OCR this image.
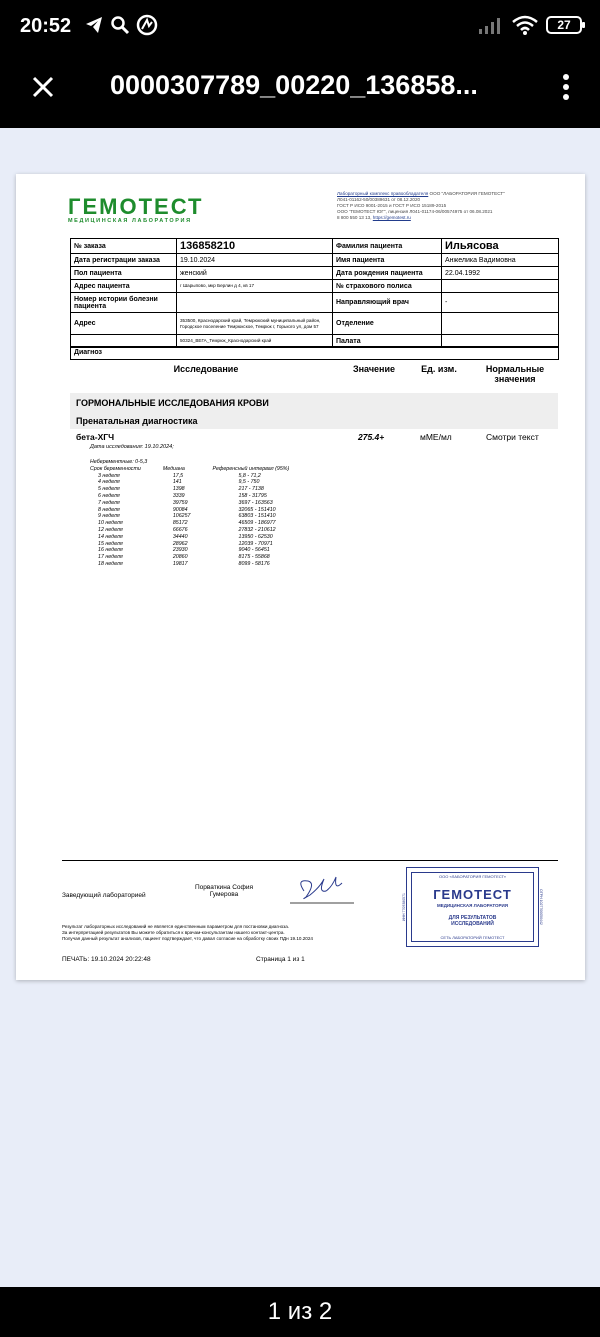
20:52	27
0000307789_00220_136858...
ГЕМОТЕСТ
МЕДИЦИНСКАЯ ЛАБОРАТОРИЯ
Лабораторный комплекс правообладателя ООО "ЛАБОРАТОРИЯ ГЕМОТЕСТ"
Л041-01162-50/00389631 от 08.12.2020
ГОСТ Р ИСО 9001-2015 и ГОСТ Р ИСО 15189-2015
ООО "ГЕМОТЕСТ ЮГ", лицензия Л041-01174-06/00574975 от 06.08.2021
8 800 550 13 13, https://gemotest.ru
№ заказа	136858210	Фамилия пациента	Ильясова
Дата регистрации заказа	19.10.2024	Имя пациента	Анжелика Вадимовна
Пол пациента	женский	Дата рождения пациента	22.04.1992
Адрес пациента	г Шарыпово, мкр Берлин д 4, кв 17	№ страхового полиса	
Номер истории болезни пациента		Направляющий врач	-
Адрес	353500, Краснодарский край, Темрюкский муниципальный район, Городское поселение Темрюкское, Темрюк г, Горького ул, дом 57	Отделение	
	50324_ВЕГА_Темрюк_Краснодарский край	Палата	
Диагноз
Исследование	Значение	Ед. изм.	Нормальные значения
ГОРМОНАЛЬНЫЕ ИССЛЕДОВАНИЯ КРОВИ
Пренатальная диагностика
бета-ХГЧ	275.4+	мМЕ/мл	Смотри текст
Дата исследования: 19.10.2024;
Неберементные: 0-5,3		
Срок беременности	Медиана	Референсный интервал (95%)
3 неделя	17,5	5,8 - 71,2
4 неделя	141	9,5 - 750
5 неделя	1398	217 - 7138
6 неделя	3339	158 - 31795
7 неделя	39759	3697 - 163563
8 неделя	90084	32065 - 151410
9 неделя	106257	63803 - 151410
10 неделя	85172	46509 - 186977
12 неделя	66676	27832 - 210612
14 неделя	34440	13950 - 62530
15 неделя	28962	12039 - 70971
16 неделя	23930	9040 - 56451
17 неделя	20860	8175 - 55868
18 неделя	19817	8099 - 58176
Заведующий лабораторией
Порваткина София Гумерова
Результат лабораторных исследований не является единственным параметром для постановки диагноза.
За интерпретацией результатов Вы можете обратиться к врачам-консультантам нашего контакт-центра.
Получая данный результат анализов, пациент подтверждает, что давал согласие на обработку своих ПДн 19.10.2024
ПЕЧАТЬ: 19.10.2024 20:22:48	Страница 1 из 1
ООО «ЛАБОРАТОРИЯ ГЕМОТЕСТ»
ГЕМОТЕСТ
МЕДИЦИНСКАЯ ЛАБОРАТОРИЯ
ДЛЯ РЕЗУЛЬТАТОВ ИССЛЕДОВАНИЙ
СЕТЬ ЛАБОРАТОРИЙ ГЕМОТЕСТ
ИНН 7709380571	ОГРН 1027700050442
1 из 2
